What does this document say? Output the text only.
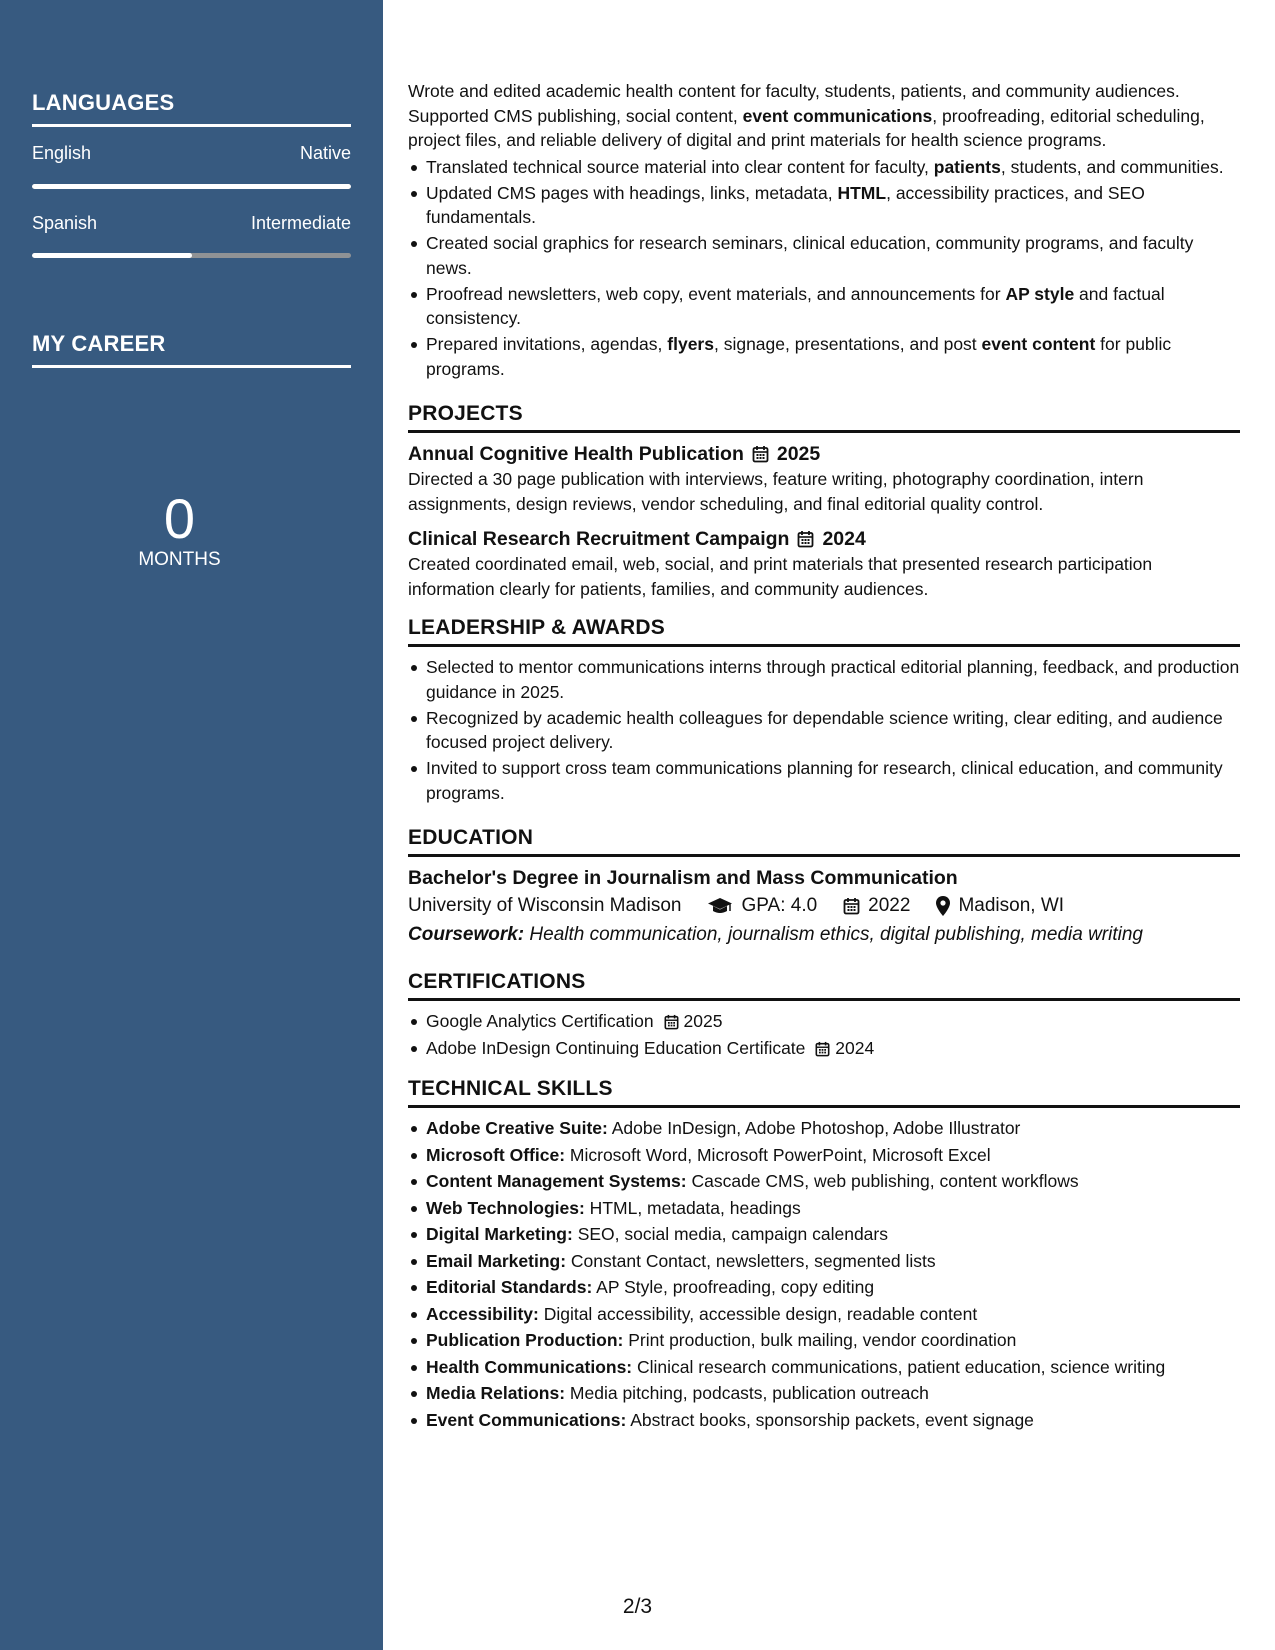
LANGUAGES
English	Native
Spanish	Intermediate
MY CAREER
0
MONTHS

Wrote and edited academic health content for faculty, students, patients, and community audiences. Supported CMS publishing, social content, event communications, proofreading, editorial scheduling, project files, and reliable delivery of digital and print materials for health science programs.

Translated technical source material into clear content for faculty, patients, students, and communities.
Updated CMS pages with headings, links, metadata, HTML, accessibility practices, and SEO fundamentals.
Created social graphics for research seminars, clinical education, community programs, and faculty news.
Proofread newsletters, web copy, event materials, and announcements for AP style and factual consistency.
Prepared invitations, agendas, flyers, signage, presentations, and post event content for public programs.
PROJECTS
Annual Cognitive Health Publication 2025

Directed a 30 page publication with interviews, feature writing, photography coordination, intern assignments, design reviews, vendor scheduling, and final editorial quality control.

Clinical Research Recruitment Campaign 2024

Created coordinated email, web, social, and print materials that presented research participation information clearly for patients, families, and community audiences.

LEADERSHIP & AWARDS
Selected to mentor communications interns through practical editorial planning, feedback, and production guidance in 2025.
Recognized by academic health colleagues for dependable science writing, clear editing, and audience focused project delivery.
Invited to support cross team communications planning for research, clinical education, and community programs.
EDUCATION
Bachelor's Degree in Journalism and Mass Communication
University of Wisconsin Madison	GPA: 4.0	2022	Madison, WI
Coursework: Health communication, journalism ethics, digital publishing, media writing
CERTIFICATIONS
Google Analytics Certification	2025
Adobe InDesign Continuing Education Certificate	2024
TECHNICAL SKILLS
Adobe Creative Suite: Adobe InDesign, Adobe Photoshop, Adobe Illustrator
Microsoft Office: Microsoft Word, Microsoft PowerPoint, Microsoft Excel
Content Management Systems: Cascade CMS, web publishing, content workflows
Web Technologies: HTML, metadata, headings
Digital Marketing: SEO, social media, campaign calendars
Email Marketing: Constant Contact, newsletters, segmented lists
Editorial Standards: AP Style, proofreading, copy editing
Accessibility: Digital accessibility, accessible design, readable content
Publication Production: Print production, bulk mailing, vendor coordination
Health Communications: Clinical research communications, patient education, science writing
Media Relations: Media pitching, podcasts, publication outreach
Event Communications: Abstract books, sponsorship packets, event signage
2/3
